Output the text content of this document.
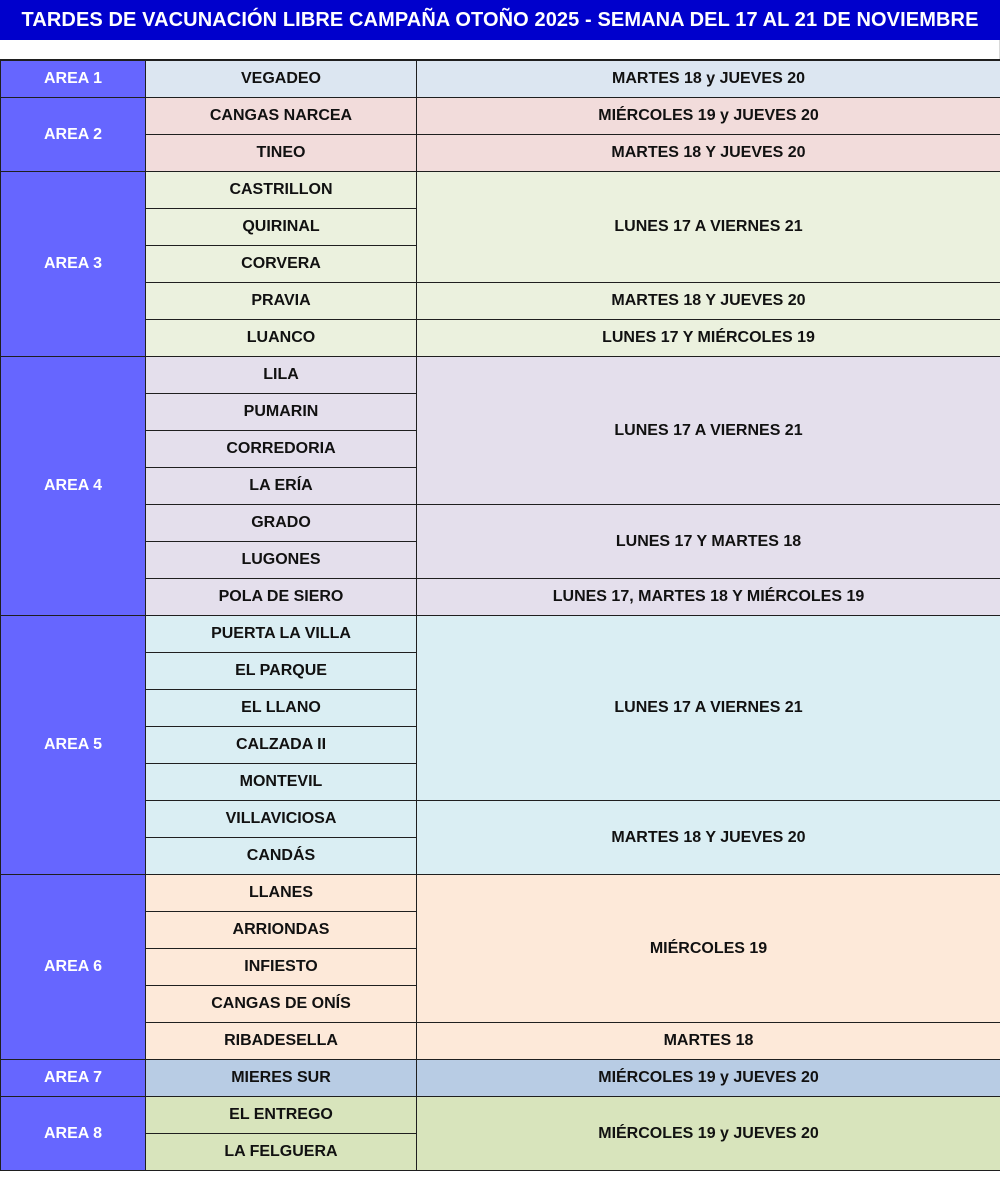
TARDES DE VACUNACIÓN LIBRE CAMPAÑA OTOÑO 2025 - SEMANA DEL 17 AL 21 DE NOVIEMBRE
AREA 1	VEGADEO	MARTES 18 y JUEVES 20
AREA 2	CANGAS NARCEA	MIÉRCOLES 19 y JUEVES 20
	TINEO	MARTES 18 Y JUEVES 20
AREA 3	CASTRILLON	LUNES 17 A VIERNES 21
	QUIRINAL	
	CORVERA	
	PRAVIA	MARTES 18 Y JUEVES 20
	LUANCO	LUNES 17 Y MIÉRCOLES 19
AREA 4	LILA	LUNES 17 A VIERNES 21
	PUMARIN	
	CORREDORIA	
	LA ERÍA	
	GRADO	LUNES 17 Y MARTES 18
	LUGONES	
	POLA DE SIERO	LUNES 17, MARTES 18 Y MIÉRCOLES 19
AREA 5	PUERTA LA VILLA	LUNES 17 A VIERNES 21
	EL PARQUE	
	EL LLANO	
	CALZADA II	
	MONTEVIL	
	VILLAVICIOSA	MARTES 18 Y JUEVES 20
	CANDÁS	
AREA 6	LLANES	MIÉRCOLES 19
	ARRIONDAS	
	INFIESTO	
	CANGAS DE ONÍS	
	RIBADESELLA	MARTES 18
AREA 7	MIERES SUR	MIÉRCOLES 19 y JUEVES 20
AREA 8	EL ENTREGO	MIÉRCOLES 19 y JUEVES 20
	LA FELGUERA	
